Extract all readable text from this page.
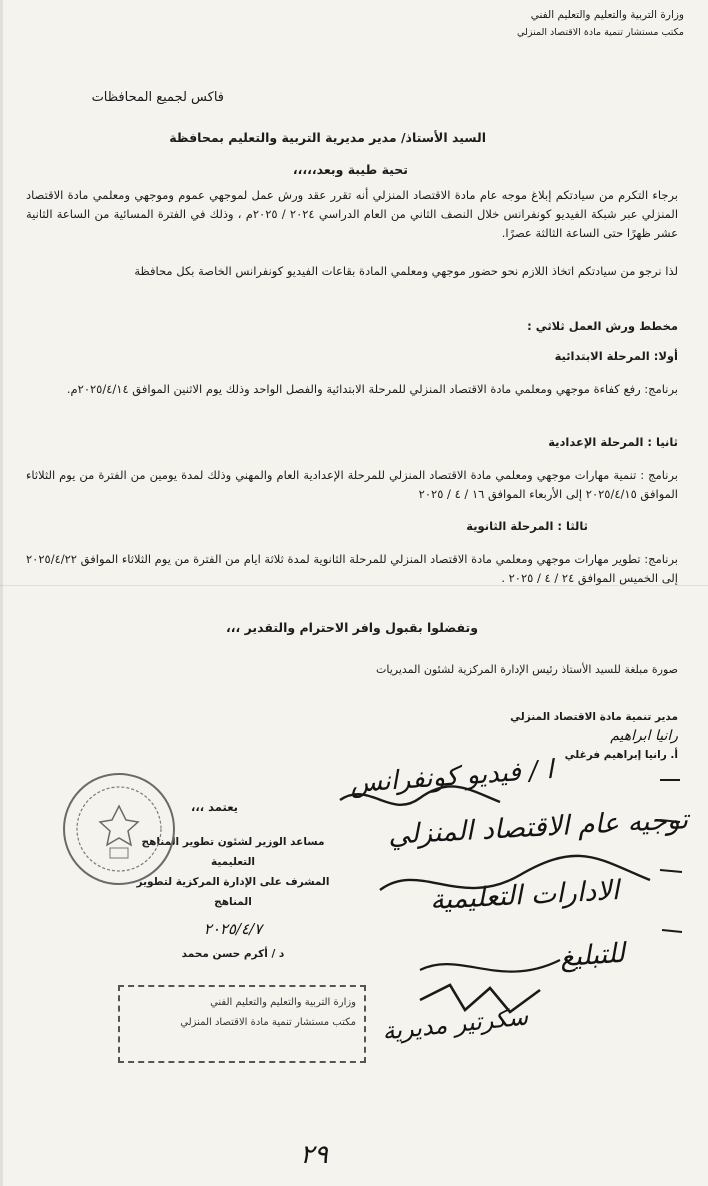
وزارة التربية والتعليم والتعليم الفني
مكتب مستشار تنمية مادة الاقتصاد المنزلي
فاكس لجميع المحافظات
السيد الأستاذ/ مدير مديرية التربية والتعليم بمحافظة
تحية طيبة وبعد،،،،،
برجاء التكرم من سيادتكم إبلاغ موجه عام مادة الاقتصاد المنزلي أنه تقرر عقد ورش عمل لموجهي عموم وموجهي ومعلمي مادة الاقتصاد المنزلي عبر شبكة الفيديو كونفرانس خلال النصف الثاني من العام الدراسي ٢٠٢٤ / ٢٠٢٥م ، وذلك في الفترة المسائية من الساعة الثانية عشر ظهرًا حتى الساعة الثالثة عصرًا.
لذا نرجو من سيادتكم اتخاذ اللازم نحو حضور موجهي ومعلمي المادة بقاعات الفيديو كونفرانس الخاصة بكل محافظة
مخطط ورش العمل ثلاثي :
أولا: المرحلة الابتدائية
برنامج: رفع كفاءة موجهي ومعلمي مادة الاقتصاد المنزلي للمرحلة الابتدائية والفصل الواحد وذلك يوم الاثنين الموافق ٢٠٢٥/٤/١٤م.
ثانيا : المرحلة الإعدادية
برنامج : تنمية مهارات موجهي ومعلمي مادة الاقتصاد المنزلي للمرحلة الإعدادية العام والمهني وذلك لمدة يومين من الفترة من يوم الثلاثاء الموافق ٢٠٢٥/٤/١٥ إلى الأربعاء الموافق ١٦ / ٤ / ٢٠٢٥
ثالثا : المرحلة الثانوية
برنامج: تطوير مهارات موجهي ومعلمي مادة الاقتصاد المنزلي للمرحلة الثانوية لمدة ثلاثة ايام من الفترة من يوم الثلاثاء الموافق ٢٠٢٥/٤/٢٢ إلى الخميس الموافق ٢٤ / ٤ / ٢٠٢٥ .
وتفضلوا بقبول وافر الاحترام والتقدير ،،،
صورة مبلغة للسيد الأستاذ رئيس الإدارة المركزية لشئون المديريات
مدير تنمية مادة الاقتصاد المنزلي
رانيا ابراهيم
أ. رانيا إبراهيم فرغلي
يعتمد ،،،
مساعد الوزير لشئون تطوير المناهج التعليمية
المشرف على الإدارة المركزية لتطوير المناهج
٢٠٢٥/٤/٧
د / أكرم حسن محمد
وزارة التربية والتعليم والتعليم الفني
مكتب مستشار تنمية مادة الاقتصاد المنزلي
ا / فيديو كونفرانس
توجيه عام الاقتصاد المنزلي
الادارات التعليمية
للتبليغ
سكرتير مديرية
٢٩
